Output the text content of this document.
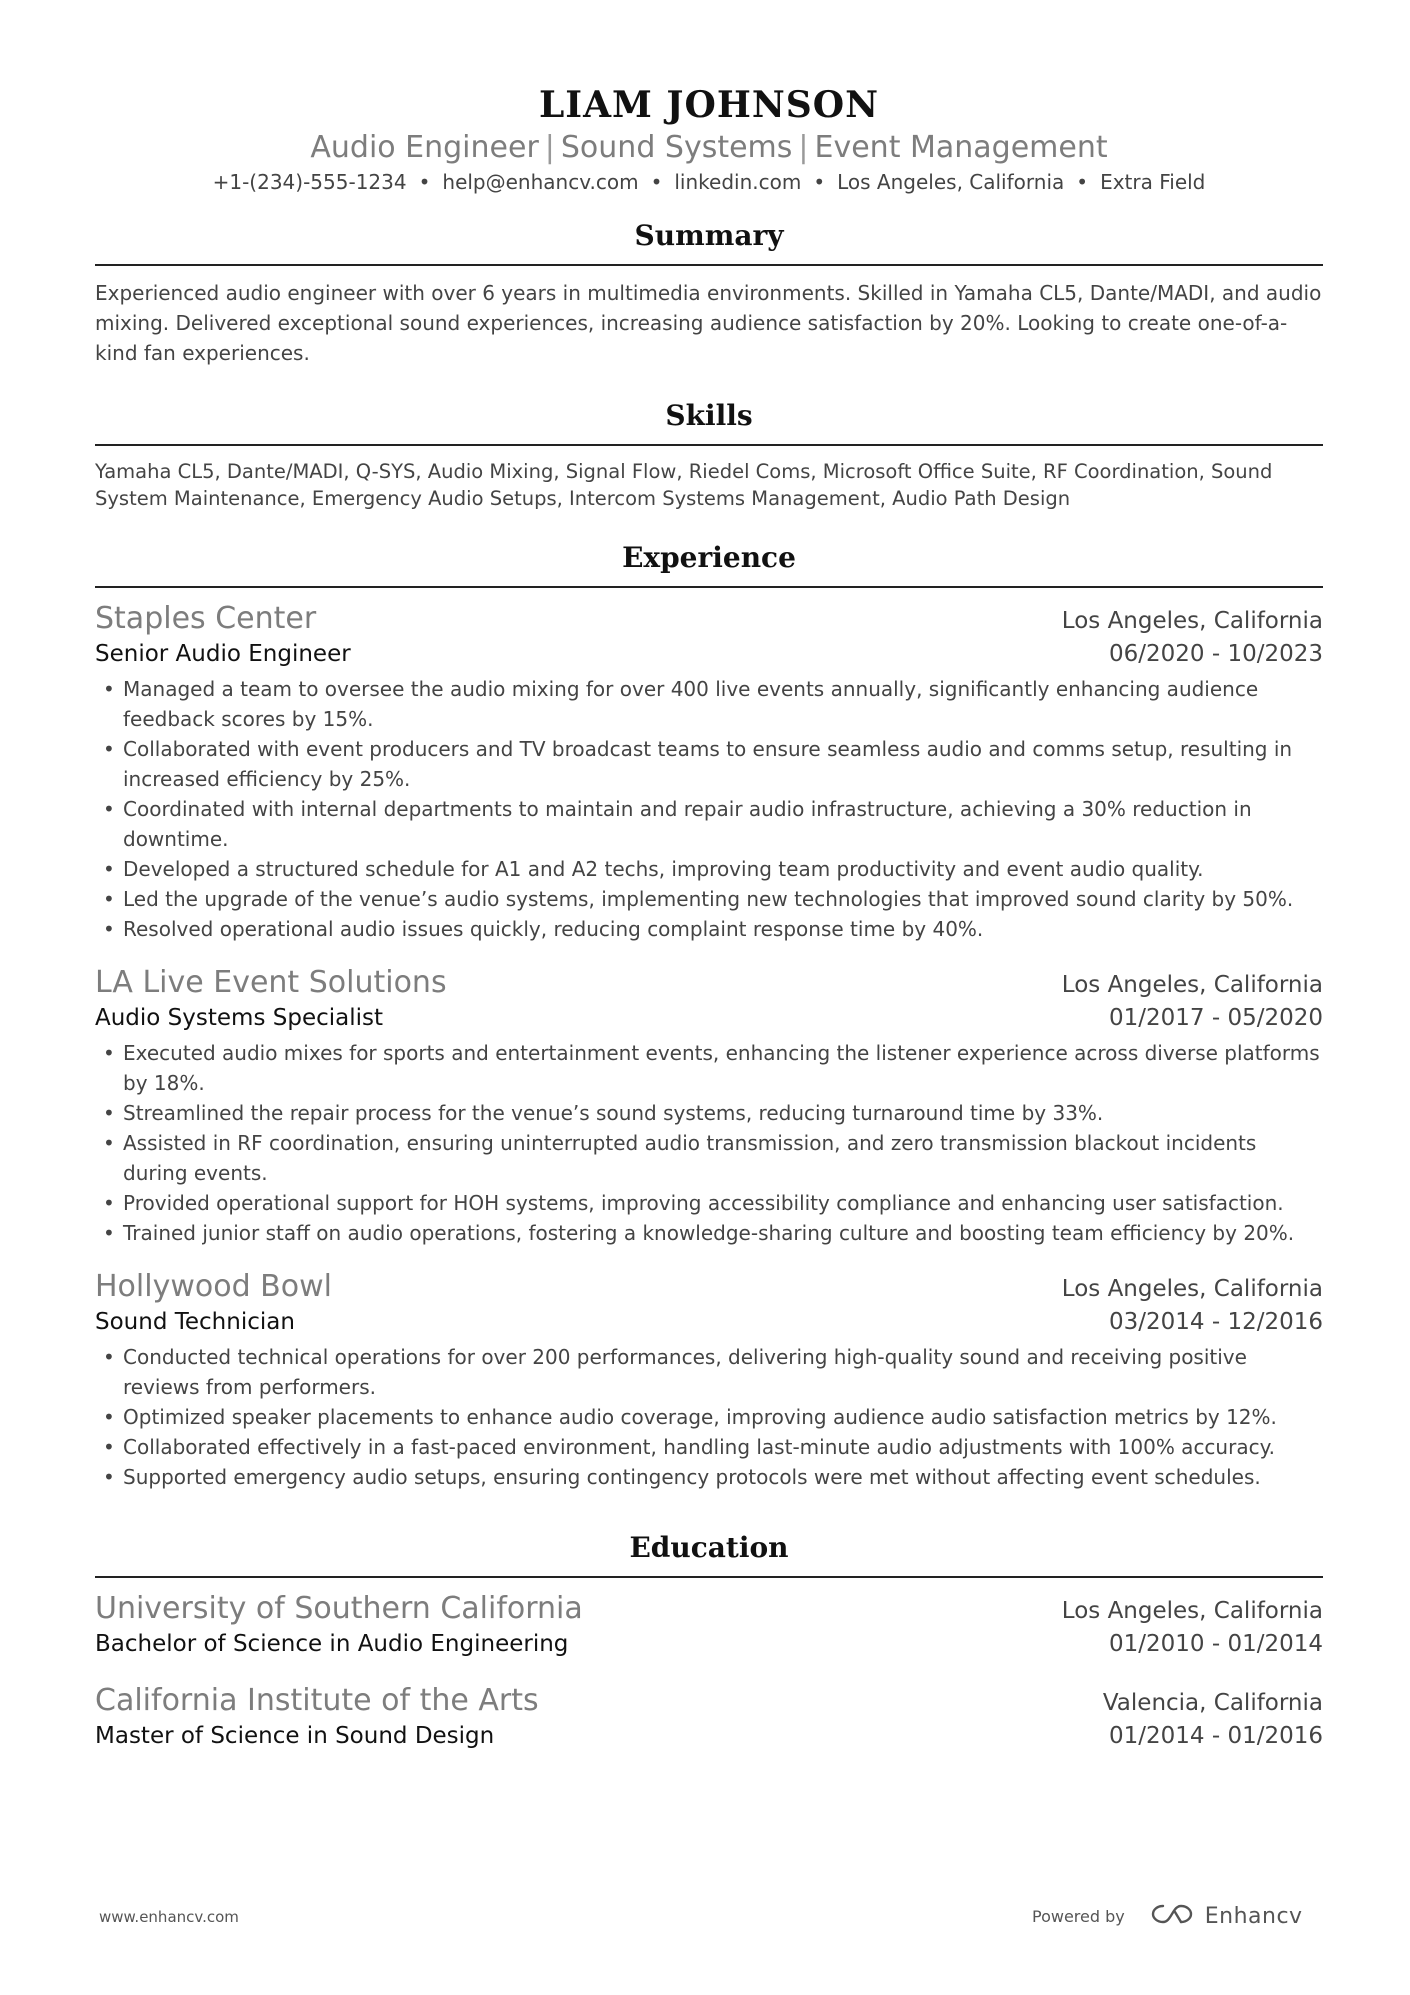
LIAM JOHNSON
Audio Engineer | Sound Systems | Event Management
+1-(234)-555-1234 • help@enhancv.com • linkedin.com • Los Angeles, California • Extra Field
Summary
Experienced audio engineer with over 6 years in multimedia environments. Skilled in Yamaha CL5, Dante/MADI, and audio mixing. Delivered exceptional sound experiences, increasing audience satisfaction by 20%. Looking to create one-of-a-kind fan experiences.
Skills
Yamaha CL5, Dante/MADI, Q-SYS, Audio Mixing, Signal Flow, Riedel Coms, Microsoft Office Suite, RF Coordination, Sound System Maintenance, Emergency Audio Setups, Intercom Systems Management, Audio Path Design
Experience
Staples Center	Los Angeles, California
Senior Audio Engineer	06/2020 - 10/2023
• Managed a team to oversee the audio mixing for over 400 live events annually, significantly enhancing audience feedback scores by 15%.
• Collaborated with event producers and TV broadcast teams to ensure seamless audio and comms setup, resulting in increased efficiency by 25%.
• Coordinated with internal departments to maintain and repair audio infrastructure, achieving a 30% reduction in downtime.
• Developed a structured schedule for A1 and A2 techs, improving team productivity and event audio quality.
• Led the upgrade of the venue’s audio systems, implementing new technologies that improved sound clarity by 50%.
• Resolved operational audio issues quickly, reducing complaint response time by 40%.
LA Live Event Solutions	Los Angeles, California
Audio Systems Specialist	01/2017 - 05/2020
• Executed audio mixes for sports and entertainment events, enhancing the listener experience across diverse platforms by 18%.
• Streamlined the repair process for the venue’s sound systems, reducing turnaround time by 33%.
• Assisted in RF coordination, ensuring uninterrupted audio transmission, and zero transmission blackout incidents during events.
• Provided operational support for HOH systems, improving accessibility compliance and enhancing user satisfaction.
• Trained junior staff on audio operations, fostering a knowledge-sharing culture and boosting team efficiency by 20%.
Hollywood Bowl	Los Angeles, California
Sound Technician	03/2014 - 12/2016
• Conducted technical operations for over 200 performances, delivering high-quality sound and receiving positive reviews from performers.
• Optimized speaker placements to enhance audio coverage, improving audience audio satisfaction metrics by 12%.
• Collaborated effectively in a fast-paced environment, handling last-minute audio adjustments with 100% accuracy.
• Supported emergency audio setups, ensuring contingency protocols were met without affecting event schedules.
Education
University of Southern California	Los Angeles, California
Bachelor of Science in Audio Engineering	01/2010 - 01/2014
California Institute of the Arts	Valencia, California
Master of Science in Sound Design	01/2014 - 01/2016
www.enhancv.com	Powered by	Enhancv
